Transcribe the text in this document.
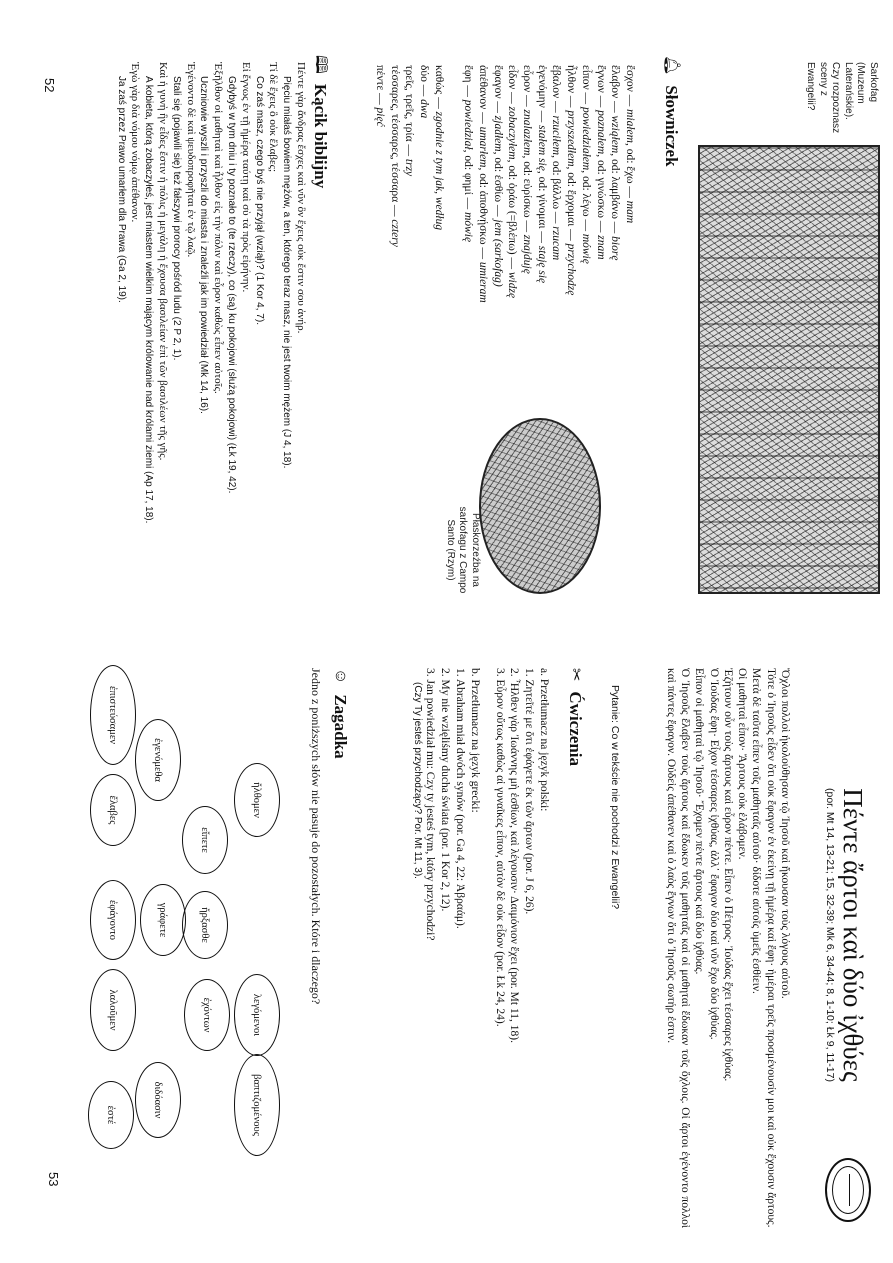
Sarkofag
(Muzeum
Laterańskie).
Czy rozpoznasz
sceny z Ewangelii?
🔔︎
Słowniczek
ἔσχον — miałem, od: ἔχω — mam
ἔλαβον — wziąłem, od: λαμβάνω — biorę
ἔγνων — poznałem, od: γινώσκω — znam
εἶπον — powiedziałem, od: λέγω — mówię
ἦλθον — przyszedłem, od: ἔρχομαι — przychodzę
ἔβαλον — rzuciłem, od: βάλλω — rzucam
ἐγενόμην — stałem się, od: γίνομαι — staję się
εὗρον — znalazłem, od: εὑρίσκω — znajduję
εἶδον — zobaczyłem, od: ὁράω (=βλέπω) — widzę
ἔφαγον — zjadłem, od: ἐσθίω — jem (sarkofag)
ἀπέθανον — umarłem, od: ἀποθνῄσκω — umieram
ἔφη — powiedział, od: φημί — mówię
καθώς — zgodnie z tym jak, według
δύο — dwa
τρεῖς, τρεῖς, τρία — trzy
τέσσαρες, τέσσαρες, τέσσαρα — cztery
πέντε — pięć
Płaskorzeźba na
sarkofagu z Campo
Santo (Rzym)
🕮︎
Kącik biblijny

Πέντε γὰρ ἄνδρας ἔσχες καὶ νῦν ὃν ἔχεις οὐκ ἔστιν σου ἀνήρ.

Pięciu miałaś bowiem mężów, a ten, którego teraz masz, nie jest twoim mężem (J 4, 18).

Τί δὲ ἔχεις ὃ οὐκ ἔλαβες;

Co zaś masz, czego byś nie przyjął (wziął)? (1 Kor 4, 7).

Εἰ ἔγνως ἐν τῇ ἡμέρᾳ ταύτῃ καὶ σὺ τὰ πρὸς εἰρήνην.

Gdybyś w tym dniu i ty poznało to (te rzeczy), co (są) ku pokojowi (służą pokojowi) (Łk 19, 42).

Ἐξῆλθον οἱ μαθηταὶ καὶ ἦλθον εἰς τὴν πόλιν καὶ εὗρον καθὼς εἶπεν αὐτοῖς.

Uczniowie wyszli i przyszli do miasta i znaleźli jak im powiedział (Mk 14, 16).

Ἐγένοντο δὲ καὶ ψευδοπροφῆται ἐν τῷ λαῷ.

Stali się (pojawili się) też fałszywi prorocy pośród ludu (2 P 2, 1).

Καὶ ἡ γυνὴ ἣν εἶδες ἔστιν ἡ πόλις ἡ μεγάλη ἡ ἔχουσα βασιλείαν ἐπὶ τῶν βασιλέων τῆς γῆς.

A kobieta, którą zobaczyłeś, jest miastem wielkim mającym królowanie nad królami ziemi (Ap 17, 18).

Ἐγὼ γὰρ διὰ νόμου νόμῳ ἀπέθανον.

Ja zaś przez Prawo umarłem dla Prawa (Ga 2, 19).

52
Πέντε ἄρτοι καὶ δύο ἰχθύες
(por. Mt 14, 13-21; 15, 32-39; Mk 6, 34-44; 8, 1-10; Łk 9, 11-17)

Ὄχλοι πολλοὶ ἠκολούθησαν τῷ Ἰησοῦ καὶ ἤκουσαν τοὺς λόγους αὐτοῦ.

Τότε ὁ Ἰησοῦς εἶδεν ὅτι οὐκ ἔφαγον ἐν ἐκείνῃ τῇ ἡμέρᾳ καὶ ἔφη· ἡμέραι τρεῖς προσμένουσίν μοι καὶ οὐκ ἔχουσιν ἄρτους.

Μετὰ δὲ ταῦτα εἶπεν τοῖς μαθηταῖς αὐτοῦ· δίδοτε αὐτοῖς ὑμεῖς ἐσθίειν.

Οἱ μαθηταὶ εἶπον· Ἄρτους οὐκ ἐλάβομεν.

Ἐζήτουν οὖν τοὺς ἄρτους καὶ εὗρον πέντε. Εἶπεν ὁ Πέτρος· Ἰούδας ἔχει τέσσαρες ἰχθύας.

Ὁ Ἰούδας ἔφη· Εἶχον τέσσαρες ἰχθύας, ἀλλ᾽ ἔφαγον δύο καὶ νῦν ἔχω δύο ἰχθύας.

Εἶπον οἱ μαθηταὶ τῷ Ἰησοῦ· Ἔχομεν πέντε ἄρτους καὶ δύο ἰχθύας.

Ὁ Ἰησοῦς ἔλαβεν τοὺς ἄρτους καὶ ἔδωκεν τοῖς μαθηταῖς καὶ οἱ μαθηταὶ ἔδωκαν τοῖς ὄχλοις. Οἱ ἄρτοι ἐγένοντο πολλοὶ καὶ πάντες ἔφαγον. Οὐδεὶς ἀπέθανεν καὶ ὁ λαὸς ἔγνων ὅτι ὁ Ἰησοῦς σωτήρ ἐστιν.

Pytanie: Co w tekście nie pochodzi z Ewangelii?
✂︎
Ćwiczenia
a. Przetłumacz na język polski:
1. Ζητεῖτέ με ὅτι ἐφάγετε ἐκ τῶν ἄρτων (por. J 6, 26).
2. Ἦλθεν γὰρ Ἰωάννης μὴ ἐσθίων, καὶ λέγουσιν· Δαιμόνιον ἔχει (por. Mt 11, 18).
3. Εὗρον οὕτως καθὼς αἱ γυναῖκες εἶπον, αὐτὸν δὲ οὐκ εἶδον (por. Łk 24, 24).
b. Przetłumacz na język grecki:
1. Abraham miał dwóch synów (por. Ga 4, 22: Ἀβραάμ).
2. My nie wzięliśmy ducha świata (por. 1 Kor 2, 12).
3. Jan powiedział mu: Czy ty jesteś tym, który przychodzi?
(Czy Ty jesteś przychodzący? Por. Mt 11, 3).
☺︎
Zagadka
Jedno z poniższych słów nie pasuje do pozostałych. Które i dlaczego?
ἤλθομεν
εἴπετε
ἐγενόμεθα
ἐπιστεύσαμεν
ἔλαβες
ἤρξασθε
γράφετε
ἐφάγοντο
λεγόμενοι
ἐχόντων
λαλοῦμεν
βαπτιζομένους
διδόασιν
ἐστέ
53
